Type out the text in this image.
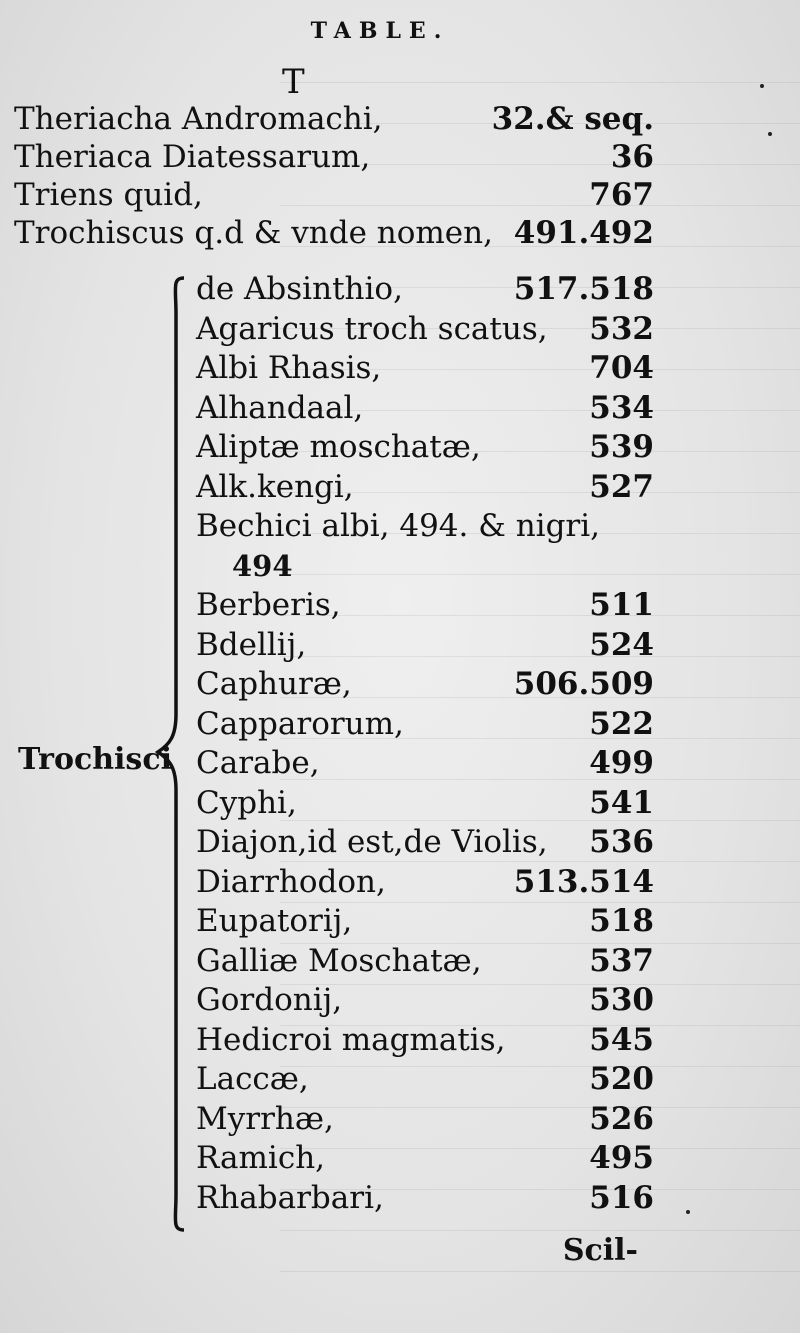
TABLE.
T
Theriacha Andromachi,	32.& seq.
Theriaca Diatessarum,	36
Triens quid,	767
Trochiscus q.d & vnde nomen, 491.492
Trochisci
de Absinthio,	517.518
Agaricus troch scatus, 532
Albi Rhasis,	704
Alhandaal,	534
Aliptæ moschatæ,	539
Alk.kengi,	527
Bechici albi, 494. & nigri,
494
Berberis,	511
Bdellij,	524
Caphuræ,	506.509
Capparorum,	522
Carabe,	499
Cyphi,	541
Diajon,id est,de Violis, 536
Diarrhodon,	513.514
Eupatorij,	518
Galliæ Moschatæ,	537
Gordonij,	530
Hedicroi magmatis,	545
Laccæ,	520
Myrrhæ,	526
Ramich,	495
Rhabarbari,	516
Scil-
